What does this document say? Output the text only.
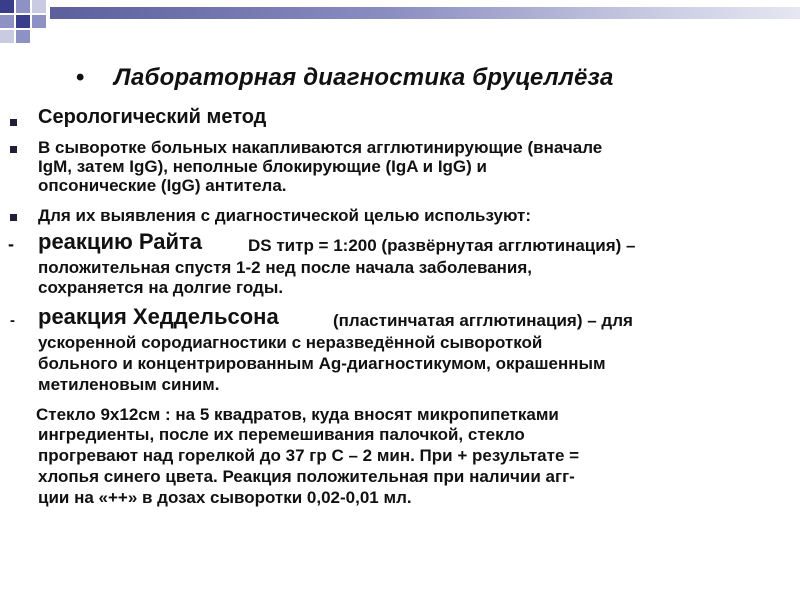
• Лабораторная диагностика бруцеллёза
Серологический метод
В сыворотке больных накапливаются агглютинирующие (вначале
IgM, затем IgG), неполные блокирующие (IgA и IgG) и
опсонические (IgG) антитела.
Для их выявления с диагностической целью используют:
- реакцию Райта	DS титр = 1:200 (развёрнутая агглютинация) –
положительная спустя 1-2 нед после начала заболевания,
сохраняется на долгие годы.
- реакция Хеддельсона	(пластинчатая агглютинация) – для
ускоренной сородиагностики с неразведённой сывороткой
больного и концентрированным Ag-диагностикумом, окрашенным
метиленовым синим.
Стекло 9х12см : на 5 квадратов, куда вносят микропипетками
ингредиенты, после их перемешивания палочкой, стекло
прогревают над горелкой до 37 гр С – 2 мин. При + результате =
хлопья синего цвета. Реакция положительная при наличии агг-
ции на «++» в дозах сыворотки 0,02-0,01 мл.
